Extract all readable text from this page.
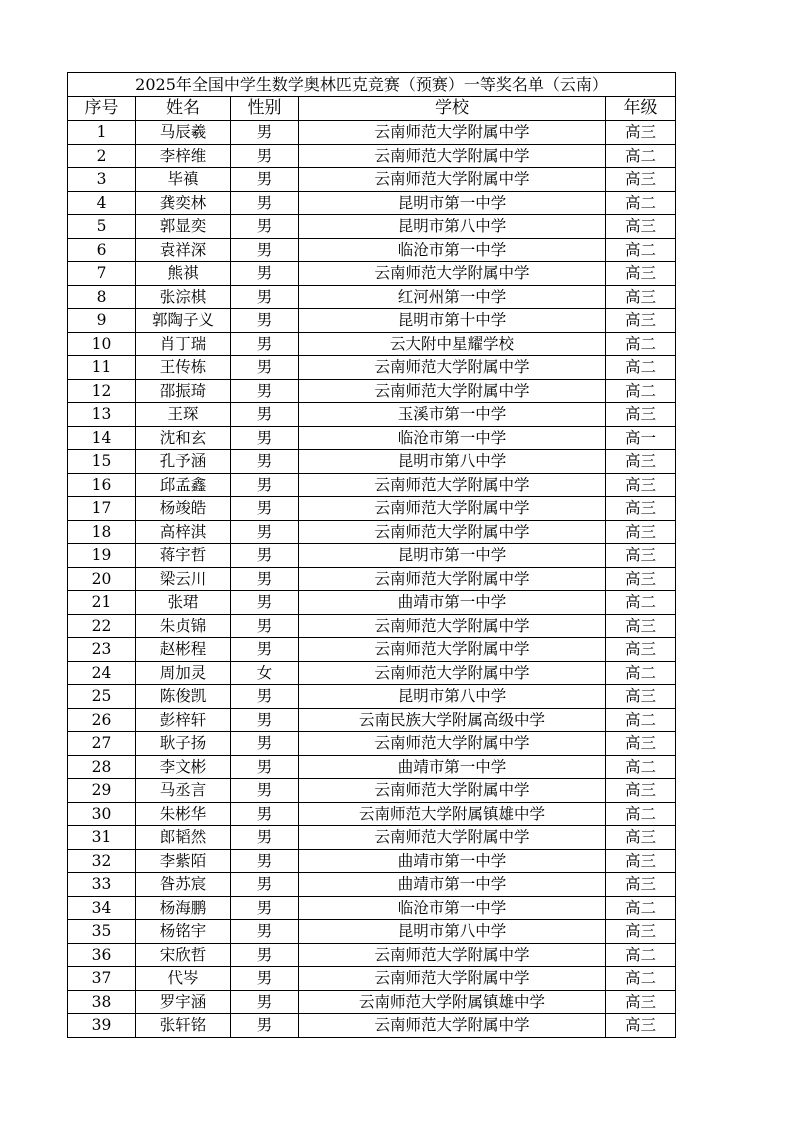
2025年全国中学生数学奥林匹克竞赛（预赛）一等奖名单（云南）				
序号	姓名	性别	学校	年级
1	马辰羲	男	云南师范大学附属中学	高三
2	李梓维	男	云南师范大学附属中学	高二
3	毕禛	男	云南师范大学附属中学	高三
4	龚奕林	男	昆明市第一中学	高二
5	郭显奕	男	昆明市第八中学	高三
6	袁祥深	男	临沧市第一中学	高二
7	熊祺	男	云南师范大学附属中学	高三
8	张淙棋	男	红河州第一中学	高三
9	郭陶子义	男	昆明市第十中学	高三
10	肖丁瑞	男	云大附中星耀学校	高二
11	王传栋	男	云南师范大学附属中学	高二
12	邵振琦	男	云南师范大学附属中学	高二
13	王琛	男	玉溪市第一中学	高三
14	沈和玄	男	临沧市第一中学	高一
15	孔予涵	男	昆明市第八中学	高三
16	邱孟鑫	男	云南师范大学附属中学	高三
17	杨竣皓	男	云南师范大学附属中学	高三
18	高梓淇	男	云南师范大学附属中学	高三
19	蒋宇哲	男	昆明市第一中学	高三
20	梁云川	男	云南师范大学附属中学	高三
21	张珺	男	曲靖市第一中学	高二
22	朱贞锦	男	云南师范大学附属中学	高三
23	赵彬程	男	云南师范大学附属中学	高三
24	周加灵	女	云南师范大学附属中学	高二
25	陈俊凯	男	昆明市第八中学	高三
26	彭梓轩	男	云南民族大学附属高级中学	高二
27	耿子扬	男	云南师范大学附属中学	高三
28	李文彬	男	曲靖市第一中学	高二
29	马丞言	男	云南师范大学附属中学	高三
30	朱彬华	男	云南师范大学附属镇雄中学	高二
31	郎韬然	男	云南师范大学附属中学	高三
32	李紫陌	男	曲靖市第一中学	高三
33	昝苏宸	男	曲靖市第一中学	高三
34	杨海鹏	男	临沧市第一中学	高二
35	杨铭宇	男	昆明市第八中学	高三
36	宋欣哲	男	云南师范大学附属中学	高二
37	代岑	男	云南师范大学附属中学	高二
38	罗宇涵	男	云南师范大学附属镇雄中学	高三
39	张轩铭	男	云南师范大学附属中学	高三
